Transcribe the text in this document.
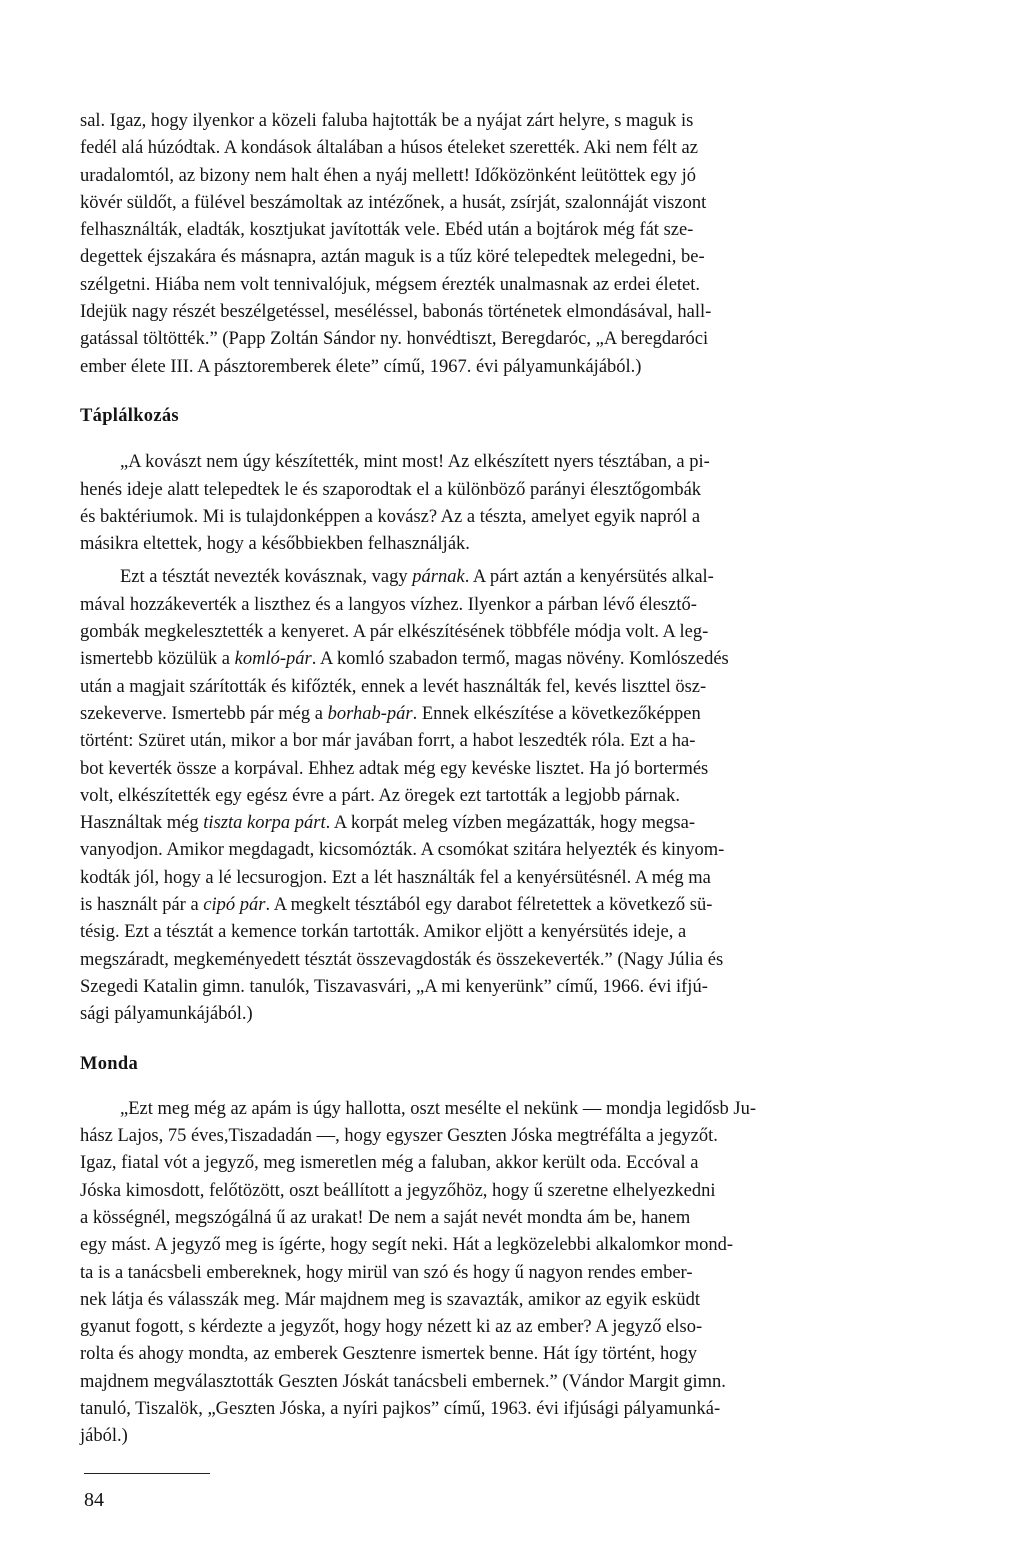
sal. Igaz, hogy ilyenkor a közeli faluba hajtották be a nyájat zárt helyre, s maguk is
fedél alá húzódtak. A kondások általában a húsos ételeket szerették. Aki nem félt az
uradalomtól, az bizony nem halt éhen a nyáj mellett! Időközönként leütöttek egy jó
kövér süldőt, a fülével beszámoltak az intézőnek, a husát, zsírját, szalonnáját viszont
felhasználták, eladták, kosztjukat javították vele. Ebéd után a bojtárok még fát sze-
degettek éjszakára és másnapra, aztán maguk is a tűz köré telepedtek melegedni, be-
szélgetni. Hiába nem volt tennivalójuk, mégsem érezték unalmasnak az erdei életet.
Idejük nagy részét beszélgetéssel, meséléssel, babonás történetek elmondásával, hall-
gatással töltötték.” (Papp Zoltán Sándor ny. honvédtiszt, Beregdaróc, „A beregdaróci
ember élete III. A pásztoremberek élete” című, 1967. évi pályamunkájából.)

Táplálkozás

„A kovászt nem úgy készítették, mint most! Az elkészített nyers tésztában, a pi-
henés ideje alatt telepedtek le és szaporodtak el a különböző parányi élesztőgombák
és baktériumok. Mi is tulajdonképpen a kovász? Az a tészta, amelyet egyik napról a
másikra eltettek, hogy a későbbiekben felhasználják.

Ezt a tésztát nevezték kovásznak, vagy párnak. A párt aztán a kenyérsütés alkal-
mával hozzákeverték a liszthez és a langyos vízhez. Ilyenkor a párban lévő élesztő-
gombák megkelesztették a kenyeret. A pár elkészítésének többféle módja volt. A leg-
ismertebb közülük a komló-pár. A komló szabadon termő, magas növény. Komlószedés
után a magjait szárították és kifőzték, ennek a levét használták fel, kevés liszttel ösz-
szekeverve. Ismertebb pár még a borhab-pár. Ennek elkészítése a következőképpen
történt: Szüret után, mikor a bor már javában forrt, a habot leszedték róla. Ezt a ha-
bot keverték össze a korpával. Ehhez adtak még egy kevéske lisztet. Ha jó bortermés
volt, elkészítették egy egész évre a párt. Az öregek ezt tartották a legjobb párnak.
Használtak még tiszta korpa párt. A korpát meleg vízben megázatták, hogy megsa-
vanyodjon. Amikor megdagadt, kicsomózták. A csomókat szitára helyezték és kinyom-
kodták jól, hogy a lé lecsurogjon. Ezt a lét használták fel a kenyérsütésnél. A még ma
is használt pár a cipó pár. A megkelt tésztából egy darabot félretettek a következő sü-
tésig. Ezt a tésztát a kemence torkán tartották. Amikor eljött a kenyérsütés ideje, a
megszáradt, megkeményedett tésztát összevagdosták és összekeverték.” (Nagy Júlia és
Szegedi Katalin gimn. tanulók, Tiszavasvári, „A mi kenyerünk” című, 1966. évi ifjú-
sági pályamunkájából.)

Monda

„Ezt meg még az apám is úgy hallotta, oszt mesélte el nekünk — mondja legidősb Ju-
hász Lajos, 75 éves,Tiszadadán —, hogy egyszer Geszten Jóska megtréfálta a jegyzőt.
Igaz, fiatal vót a jegyző, meg ismeretlen még a faluban, akkor került oda. Eccóval a
Jóska kimosdott, felőtözött, oszt beállított a jegyzőhöz, hogy ű szeretne elhelyezkedni
a kösségnél, megszógálná ű az urakat! De nem a saját nevét mondta ám be, hanem
egy mást. A jegyző meg is ígérte, hogy segít neki. Hát a legközelebbi alkalomkor mond-
ta is a tanácsbeli embereknek, hogy mirül van szó és hogy ű nagyon rendes ember-
nek látja és válasszák meg. Már majdnem meg is szavazták, amikor az egyik esküdt
gyanut fogott, s kérdezte a jegyzőt, hogy hogy nézett ki az az ember? A jegyző elso-
rolta és ahogy mondta, az emberek Gesztenre ismertek benne. Hát így történt, hogy
majdnem megválasztották Geszten Jóskát tanácsbeli embernek.” (Vándor Margit gimn.
tanuló, Tiszalök, „Geszten Jóska, a nyíri pajkos” című, 1963. évi ifjúsági pályamunká-
jából.)

84
